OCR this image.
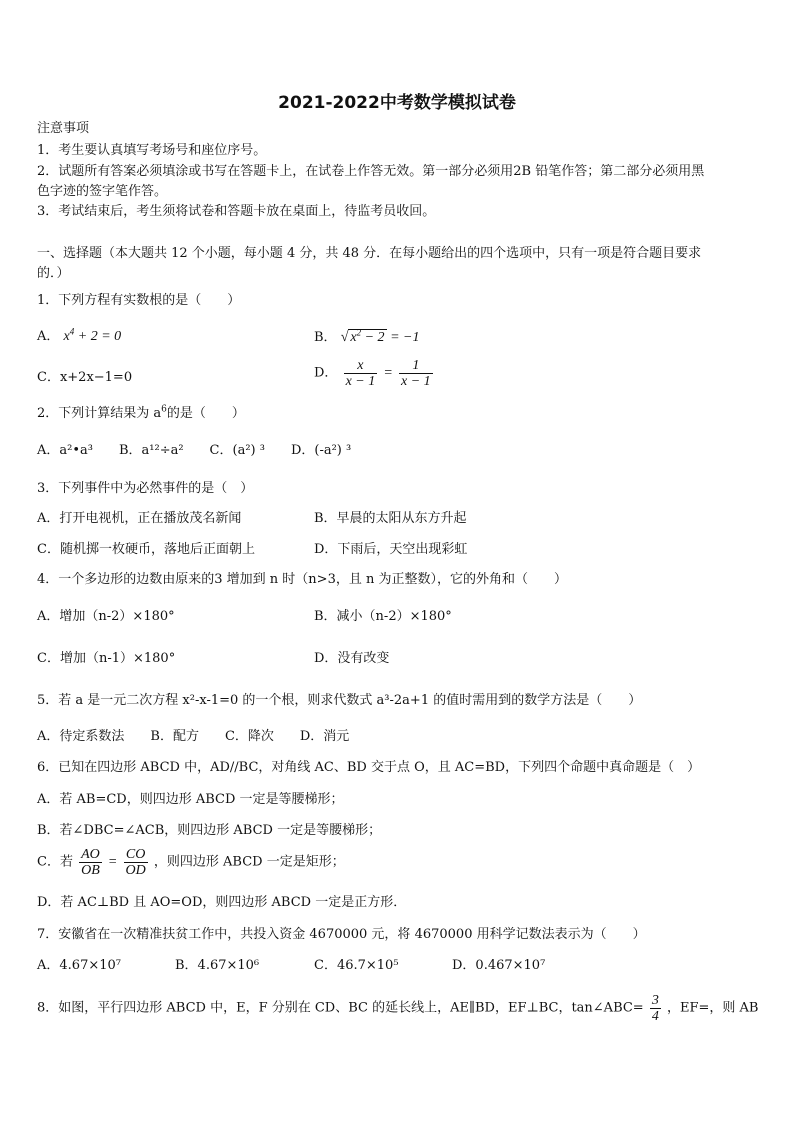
2021-2022中考数学模拟试卷
注意事项
1．考生要认真填写考场号和座位序号。
2．试题所有答案必须填涂或书写在答题卡上，在试卷上作答无效。第一部分必须用2B 铅笔作答；第二部分必须用黑
色字迹的签字笔作答。
3．考试结束后，考生须将试卷和答题卡放在桌面上，待监考员收回。
一、选择题（本大题共 12 个小题，每小题 4 分，共 48 分．在每小题给出的四个选项中，只有一项是符合题目要求
的．）
1．下列方程有实数根的是（　　）
A． $x^4 + 2 = 0$	B． √ $x^2 - 2 = -1$
C．x+2x−1=0	D． $\frac{x}{x - 1} = \frac{1}{x - 1}$
2．下列计算结果为 $a^6$的是（　　）
A．a²•a³　　B．a¹²÷a²　　C．(a²) ³　　D．(-a²) ³
3．下列事件中为必然事件的是（　）
A．打开电视机，正在播放茂名新闻	B．早晨的太阳从东方升起
C．随机掷一枚硬币，落地后正面朝上	D．下雨后，天空出现彩虹
4．一个多边形的边数由原来的3 增加到 n 时（n>3，且 n 为正整数），它的外角和（　　）
A．增加（n-2）×180°	B．减小（n-2）×180°
C．增加（n-1）×180°	D．没有改变
5．若 a 是一元二次方程 x²-x-1=0 的一个根，则求代数式 a³-2a+1 的值时需用到的数学方法是（　　）
A．待定系数法　　B．配方　　C．降次　　D．消元
6．已知在四边形 ABCD 中，AD//BC，对角线 AC、BD 交于点 O，且 AC=BD，下列四个命题中真命题是（　）
A．若 AB=CD，则四边形 ABCD 一定是等腰梯形；
B．若∠DBC=∠ACB，则四边形 ABCD 一定是等腰梯形；
C．若 $\frac{AO}{OB} = \frac{CO}{OD}$ ，则四边形 ABCD 一定是矩形；
D．若 AC⊥BD 且 AO=OD，则四边形 ABCD 一定是正方形．
7．安徽省在一次精准扶贫工作中，共投入资金 4670000 元，将 4670000 用科学记数法表示为（　　）
A．4.67×10⁷	B．4.67×10⁶	C．46.7×10⁵	D．0.467×10⁷
8．如图，平行四边形 ABCD 中，E，F 分别在 CD、BC 的延长线上，AE∥BD，EF⊥BC，tan∠ABC= $\frac{3}{4}$ ，EF=，则 AB
